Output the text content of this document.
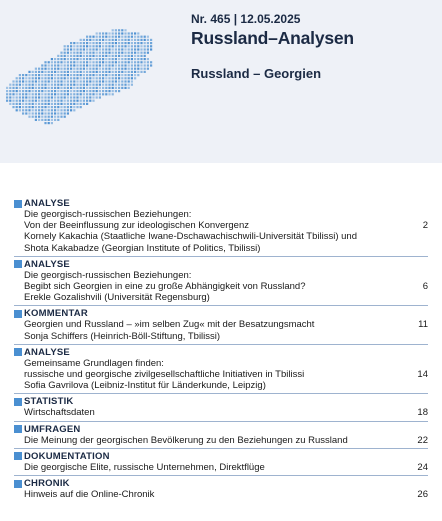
Nr. 465 | 12.05.2025
Russland–Analysen
Russland – Georgien
ANALYSE
Die georgisch-russischen Beziehungen:
Von der Beeinflussung zur ideologischen Konvergenz
Kornely Kakachia (Staatliche Iwane-Dschawachischwili-Universität Tbilissi) und
Shota Kakabadze (Georgian Institute of Politics, Tbilissi)
2
ANALYSE
Die georgisch-russischen Beziehungen:
Begibt sich Georgien in eine zu große Abhängigkeit von Russland?
Erekle Gozalishvili (Universität Regensburg)
6
KOMMENTAR
Georgien und Russland – »im selben Zug« mit der Besatzungsmacht
Sonja Schiffers (Heinrich-Böll-Stiftung, Tbilissi)
11
ANALYSE
Gemeinsame Grundlagen finden:
russische und georgische zivilgesellschaftliche Initiativen in Tbilissi
Sofia Gavrilova (Leibniz-Institut für Länderkunde, Leipzig)
14
STATISTIK
Wirtschaftsdaten	18
UMFRAGEN
Die Meinung der georgischen Bevölkerung zu den Beziehungen zu Russland	22
DOKUMENTATION
Die georgische Elite, russische Unternehmen, Direktflüge	24
CHRONIK
Hinweis auf die Online-Chronik	26
